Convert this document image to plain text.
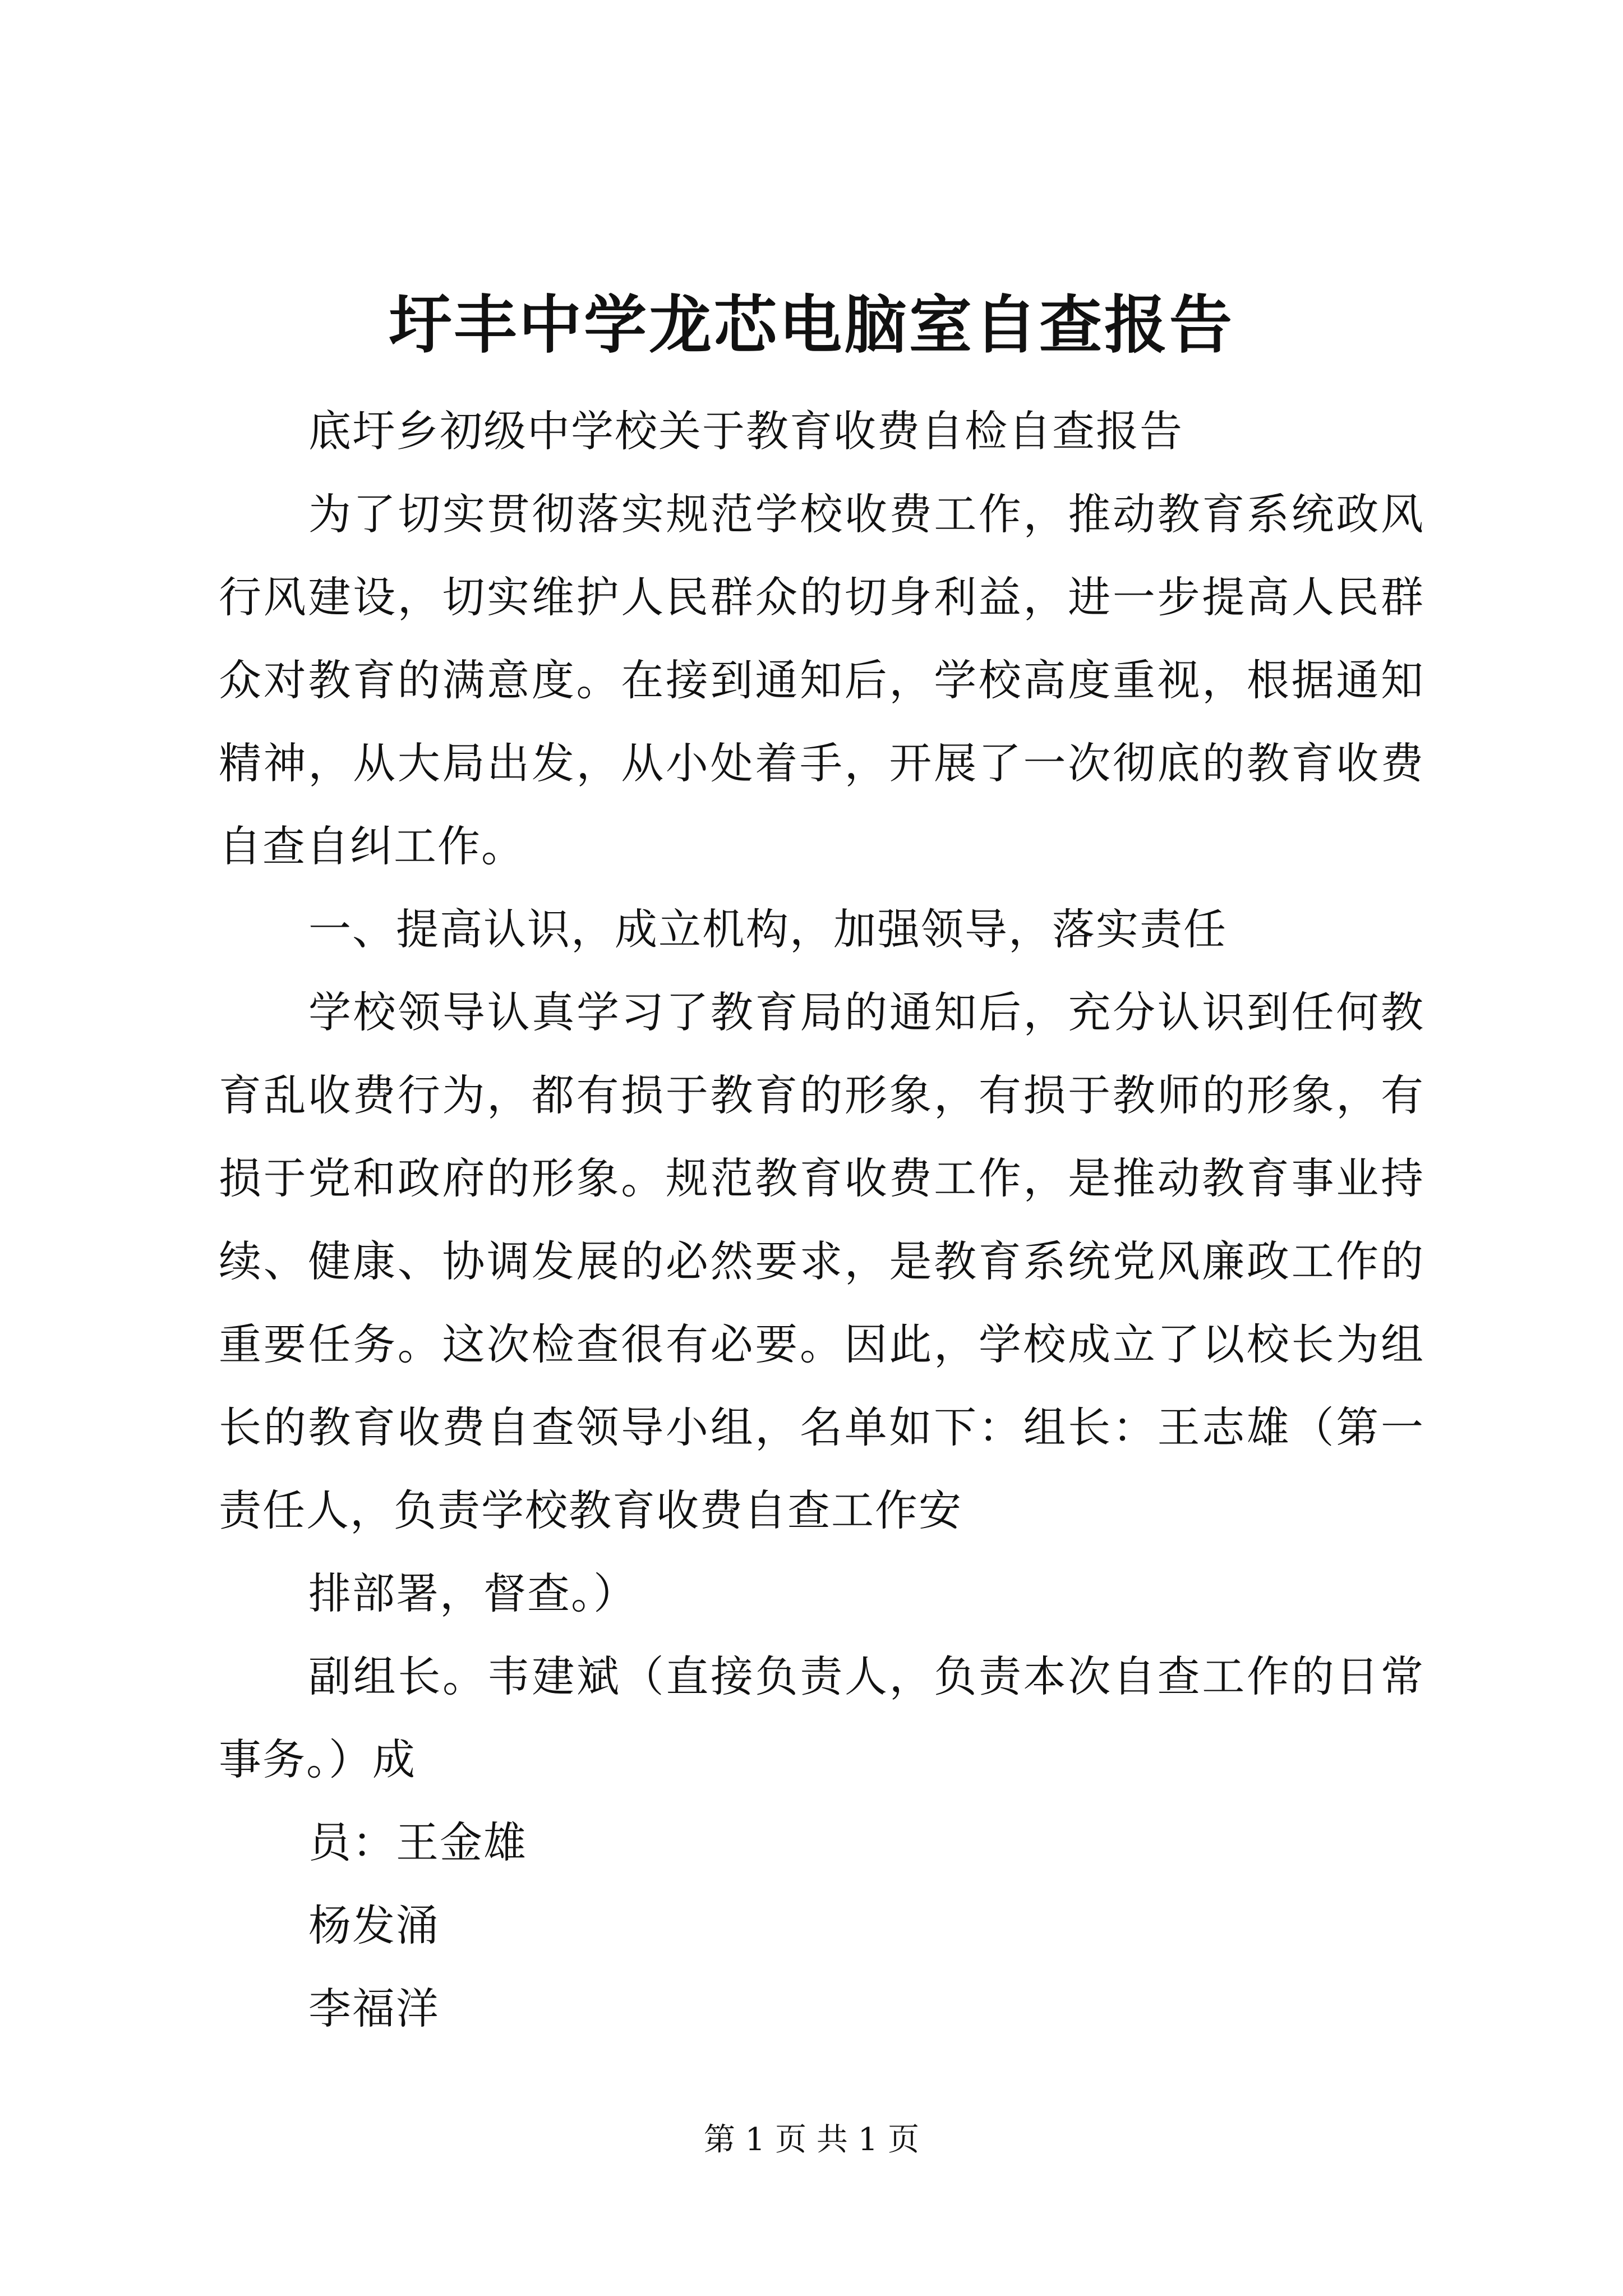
圩丰中学龙芯电脑室自查报告

底圩乡初级中学校关于教育收费自检自查报告

为了切实贯彻落实规范学校收费工作，推动教育系统政风行风建设，切实维护人民群众的切身利益，进一步提高人民群众对教育的满意度。在接到通知后，学校高度重视，根据通知精神，从大局出发，从小处着手，开展了一次彻底的教育收费自查自纠工作。

一、提高认识，成立机构，加强领导，落实责任

学校领导认真学习了教育局的通知后，充分认识到任何教育乱收费行为，都有损于教育的形象，有损于教师的形象，有损于党和政府的形象。规范教育收费工作，是推动教育事业持续、健康、协调发展的必然要求，是教育系统党风廉政工作的重要任务。这次检查很有必要。因此，学校成立了以校长为组长的教育收费自查领导小组，名单如下：组长：王志雄（第一责任人，负责学校教育收费自查工作安

排部署，督查。）

副组长。韦建斌（直接负责人，负责本次自查工作的日常事务。）成

员：王金雄

杨发涌

李福洋

第 1 页 共 1 页
